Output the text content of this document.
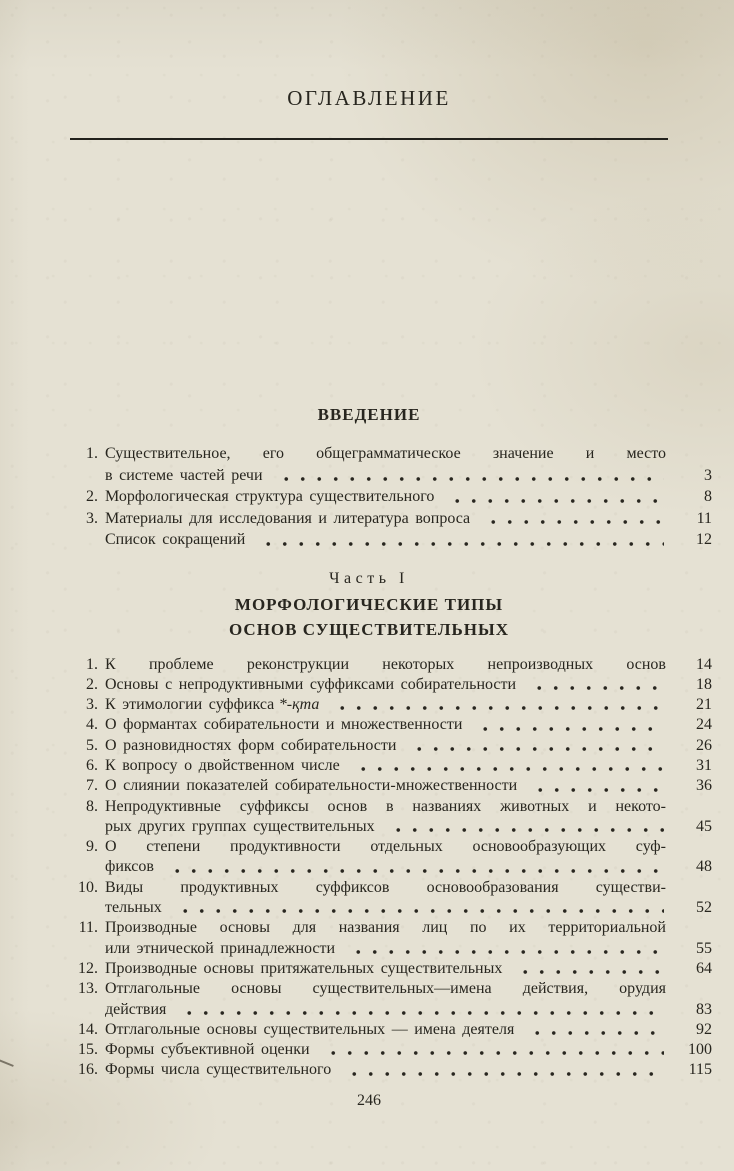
ОГЛАВЛЕНИЕ
ВВЕДЕНИЕ
1. Существительное, его общеграмматическое значение и место
в системе частей речи	3
2. Морфологическая структура существительного	8
3. Материалы для исследования и литература вопроса	11
Список сокращений	12
Часть I
МОРФОЛОГИЧЕСКИЕ ТИПЫ
ОСНОВ СУЩЕСТВИТЕЛЬНЫХ
1. К проблеме реконструкции некоторых непроизводных основ	14
2. Основы с непродуктивными суффиксами собирательности	18
3. К этимологии суффикса *-қта	21
4. О формантах собирательности и множественности	24
5. О разновидностях форм собирательности	26
6. К вопросу о двойственном числе	31
7. О слиянии показателей собирательности-множественности	36
8. Непродуктивные суффиксы основ в названиях животных и некото-
рых других группах существительных	45
9. О степени продуктивности отдельных основообразующих суф-
фиксов	48
10. Виды продуктивных суффиксов основообразования существи-
тельных	52
11. Производные основы для названия лиц по их территориальной
или этнической принадлежности	55
12. Производные основы притяжательных существительных	64
13. Отглагольные основы существительных—имена действия, орудия
действия	83
14. Отглагольные основы существительных — имена деятеля	92
15. Формы субъективной оценки	100
16. Формы числа существительного	115
246
